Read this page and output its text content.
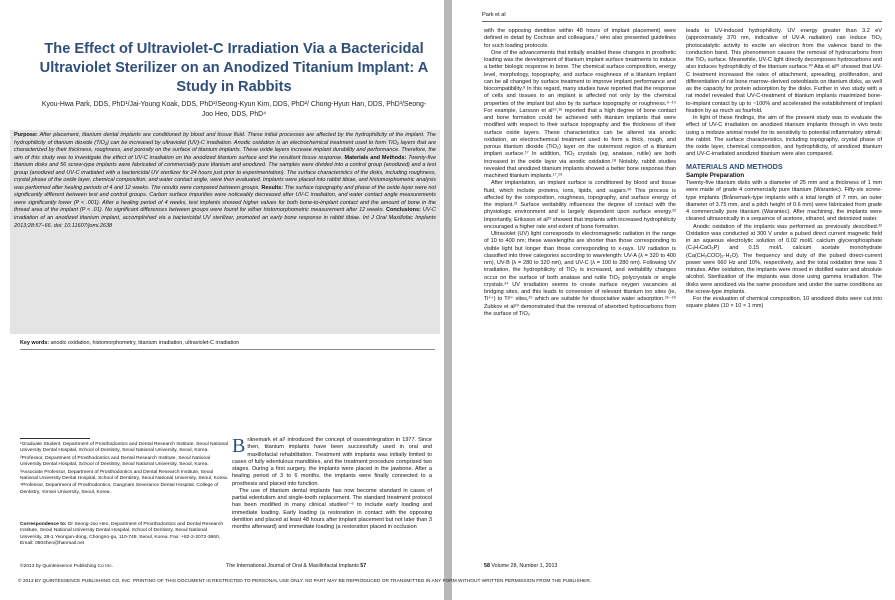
The Effect of Ultraviolet-C Irradiation Via a Bactericidal Ultraviolet Sterilizer on an Anodized Titanium Implant: A Study in Rabbits
Kyou-Hwa Park, DDS, PhD¹/Jai-Young Koak, DDS, PhD²/Seong-Kyun Kim, DDS, PhD²/ Chong-Hyun Han, DDS, PhD³/Seong-Joo Heo, DDS, PhD⁴
Purpose: After placement, titanium dental implants are conditioned by blood and tissue fluid. These initial processes are affected by the hydrophilicity of the implant. The hydrophilicity of titanium dioxide (TiO₂) can be increased by ultraviolet (UV)-C irradiation. Anodic oxidation is an electrochemical treatment used to form TiO₂ layers that are characterized by their thickness, roughness, and porosity on the surface of titanium implants. These oxide layers increase implant durability and performance. Therefore, the aim of this study was to investigate the effect of UV-C irradiation on the anodized titanium surface and the resultant tissue response. Materials and Methods: Twenty-five titanium disks and 56 screw-type implants were fabricated of commercially pure titanium and anodized. The samples were divided into a control group (anodized) and a test group (anodized and UV-C irradiated with a bactericidal UV sterilizer for 24 hours just prior to experimentation). The surface characteristics of the disks, including roughness, crystal phase of the oxide layer, chemical composition, and water contact angle, were then evaluated. Implants were placed into rabbit tibiae, and histomorphometric analysis was performed after healing periods of 4 and 12 weeks. The results were compared between groups. Results: The surface topography and phase of the oxide layer were not significantly different between test and control groups. Carbon surface impurities were noticeably decreased after UV-C irradiation, and water contact angle measurements were significantly lower (P < .001). After a healing period of 4 weeks, test implants showed higher values for both bone-to-implant contact and the amount of bone in the thread area of the implant (P < .01). No significant differences between groups were found for either histomorphometric measurement after 12 weeks. Conclusions: UV-C irradiation of an anodized titanium implant, accomplished via a bactericidal UV sterilizer, promoted an early bone response in rabbit tibiae. Int J Oral Maxillofac Implants 2013;28:57–66. doi: 10.11607/jomi.2638
Key words: anodic oxidation, histomorphometry, titanium irradiation, ultraviolet-C irradiation

¹Graduate Student, Department of Prosthodontics and Dental Research Institute, Seoul National University Dental Hospital, School of Dentistry, Seoul National University, Seoul, Korea.

²Professor, Department of Prosthodontics and Dental Research Institute, Seoul National University Dental Hospital, School of Dentistry, Seoul National University, Seoul, Korea.

³Associate Professor, Department of Prosthodontics and Dental Research Institute, Seoul National University Dental Hospital, School of Dentistry, Seoul National University, Seoul, Korea.

⁴Professor, Department of Prosthodontics, Gangnam Severance Dental Hospital, College of Dentistry, Yonsei University, Seoul, Korea.

Correspondence to: Dr Seong-Joo Heo, Department of Prosthodontics and Dental Research Institute, Seoul National University Dental Hospital, School of Dentistry, Seoul National University, 28-1 Yeongun-dong, Chongno-gu, 110-749, Seoul, Korea. Fax: +82-2-2072-3860. Email: 0504heo@hanmail.net
©2013 by Quintessence Publishing Co Inc.

Brånemark et al¹ introduced the concept of osseointegration in 1977. Since then, titanium implants have been successfully used in oral and maxillofacial rehabilitation. Treatment with implants was initially limited to cases of fully edentulous mandibles, and the treatment procedure comprised two stages. During a first surgery, the implants were placed in the jawbone. After a healing period of 3 to 6 months, the implants were finally connected to a prosthesis and placed into function.

The use of titanium dental implants has now become standard in cases of partial edentulism and single-tooth replacement. The standard treatment protocol has been modified in many clinical studies²⁻⁶ to include early loading and immediate loading. Early loading (a restoration in contact with the opposing dentition and placed at least 48 hours after implant placement but not later than 3 months afterward) and immediate loading (a restoration placed in occlusion

The International Journal of Oral & Maxillofacial Implants 57
Park et al

with the opposing dentition within 48 hours of implant placement) were defined in detail by Cochran and colleagues,⁷ who also presented guidelines for such loading protocols.

One of the advancements that initially enabled these changes in prosthetic loading was the development of titanium implant surface treatments to induce a better biologic response in bone. The chemical surface composition, energy level, morphology, topography, and surface roughness of a titanium implant can be all changed by surface treatment to improve implant performance and biocompatibility.⁸ In this regard, many studies have reported that the response of cells and tissues to an implant is affected not only by the chemical properties of the implant but also by its surface topography or roughness.⁹⁻¹⁴ For example, Larsson et al¹⁵,¹⁶ reported that a high degree of bone contact and bone formation could be achieved with titanium implants that were modified with respect to their surface topography and the thickness of their surface oxide layers. These characteristics can be altered via anodic oxidation, an electrochemical treatment used to form a thick, rough, and porous titanium dioxide (TiO₂) layer on the outermost region of a titanium implant surface.¹⁷ In addition, TiO₂ crystals (eg, anatase, rutile) are both increased in the oxide layer via anodic oxidation.¹⁸ Notably, rabbit studies revealed that anodized titanium implants showed a better bone response than machined titanium implants.¹⁷,¹⁹

After implantation, an implant surface is conditioned by blood and tissue fluid, which include proteins, ions, lipids, and sugars.²⁰ This process is affected by the composition, roughness, topography, and surface energy of the implant.²¹ Surface wettability influences the degree of contact with the physiologic environment and is largely dependent upon surface energy.²² Importantly, Eriksson et al²³ showed that implants with increased hydrophilicity encouraged a higher rate and extent of bone formation.

Ultraviolet (UV) light corresponds to electromagnetic radiation in the range of 10 to 400 nm; these wavelengths are shorter than those corresponding to visible light but longer than those corresponding to x-rays. UV radiation is classified into three categories according to wavelength: UV-A (λ = 320 to 400 nm), UV-B (λ = 280 to 320 nm), and UV-C (λ = 100 to 280 nm). Following UV irradiation, the hydrophilicity of TiO₂ is increased, and wettability changes occur on the surface of both anatase and rutile TiO₂ polycrystals or single crystals.²⁴ UV irradiation seems to create surface oxygen vacancies at bridging sites, and this leads to conversion of relevant titanium ion sites (ie, Ti⁴⁺) to Ti³⁺ sites,²⁵ which are suitable for dissociative water adsorption.²⁶⁻²⁹ Zubkov et al²⁹ demonstrated that the removal of absorbed hydrocarbons from the surface of TiO₂

leads to UV-induced hydrophilicity. UV energy greater than 3.2 eV (approximately 370 nm, indicative of UV-A radiation) can induce TiO₂ photocatalytic activity to excite an electron from the valence band to the conduction band. This phenomenon causes the removal of hydrocarbons from the TiO₂ surface. Meanwhile, UV-C light directly decomposes hydrocarbons and also induces hydrophilicity of the titanium surface.³⁰ Aita et al³¹ showed that UV-C treatment increased the rates of attachment, spreading, proliferation, and differentiation of rat bone marrow–derived osteoblasts on titanium disks, as well as the capacity for protein adsorption by the disks. Further in vivo study with a rat model revealed that UV-C-treatment of titanium implants maximized bone-to-implant contact by up to ~100% and accelerated the establishment of implant fixation by as much as fourfold.

In light of these findings, the aim of the present study was to evaluate the effect of UV-C irradiation on anodized titanium implants through in vivo tests using a midsize animal model for its sensitivity to potential inflammatory stimuli: the rabbit. The surface characteristics, including topography, crystal phase of the oxide layer, chemical composition, and hydrophilicity, of anodized titanium and UV-C-irradiated anodized titanium were also compared.

MATERIALS AND METHODS
Sample Preparation

Twenty-five titanium disks with a diameter of 25 mm and a thickness of 1 mm were made of grade 4 commercially pure titanium (Warantec). Fifty-six screw-type implants (Brånemark-type implants with a total length of 7 mm, an outer diameter of 3.75 mm, and a pitch height of 0.6 mm) were fabricated from grade 4 commercially pure titanium (Warantec). After machining, the implants were cleaned ultrasonically in a sequence of acetone, ethanol, and deionized water.

Anodic oxidation of the implants was performed as previously described.³² Oxidation was conducted at 300 V under a pulsed direct current magnetic field in an aqueous electrolytic solution of 0.02 mol/L calcium glycerophosphate (C₃H₇CaO₆P) and 0.15 mol/L calcium acetate monohydrate (Ca(CH₃COO)₂·H₂O). The frequency and duty of the pulsed direct-current power were 660 Hz and 10%, respectively, and the total oxidation time was 3 minutes. After oxidation, the implants were rinsed in distilled water and absolute alcohol. Sterilization of the implants was done using gamma irradiation. The disks were anodized via the same procedure and under the same conditions as the screw-type implants.

For the evaluation of chemical composition, 10 anodized disks were cut into square plates (10 × 10 × 1 mm)

58 Volume 28, Number 1, 2013
© 2013 BY QUINTESSENCE PUBLISHING CO, INC. PRINTING OF THIS DOCUMENT IS RESTRICTED TO PERSONAL USE ONLY. NO PART MAY BE REPRODUCED OR TRANSMITTED IN ANY FORM WITHOUT WRITTEN PERMISSION FROM THE PUBLISHER.
